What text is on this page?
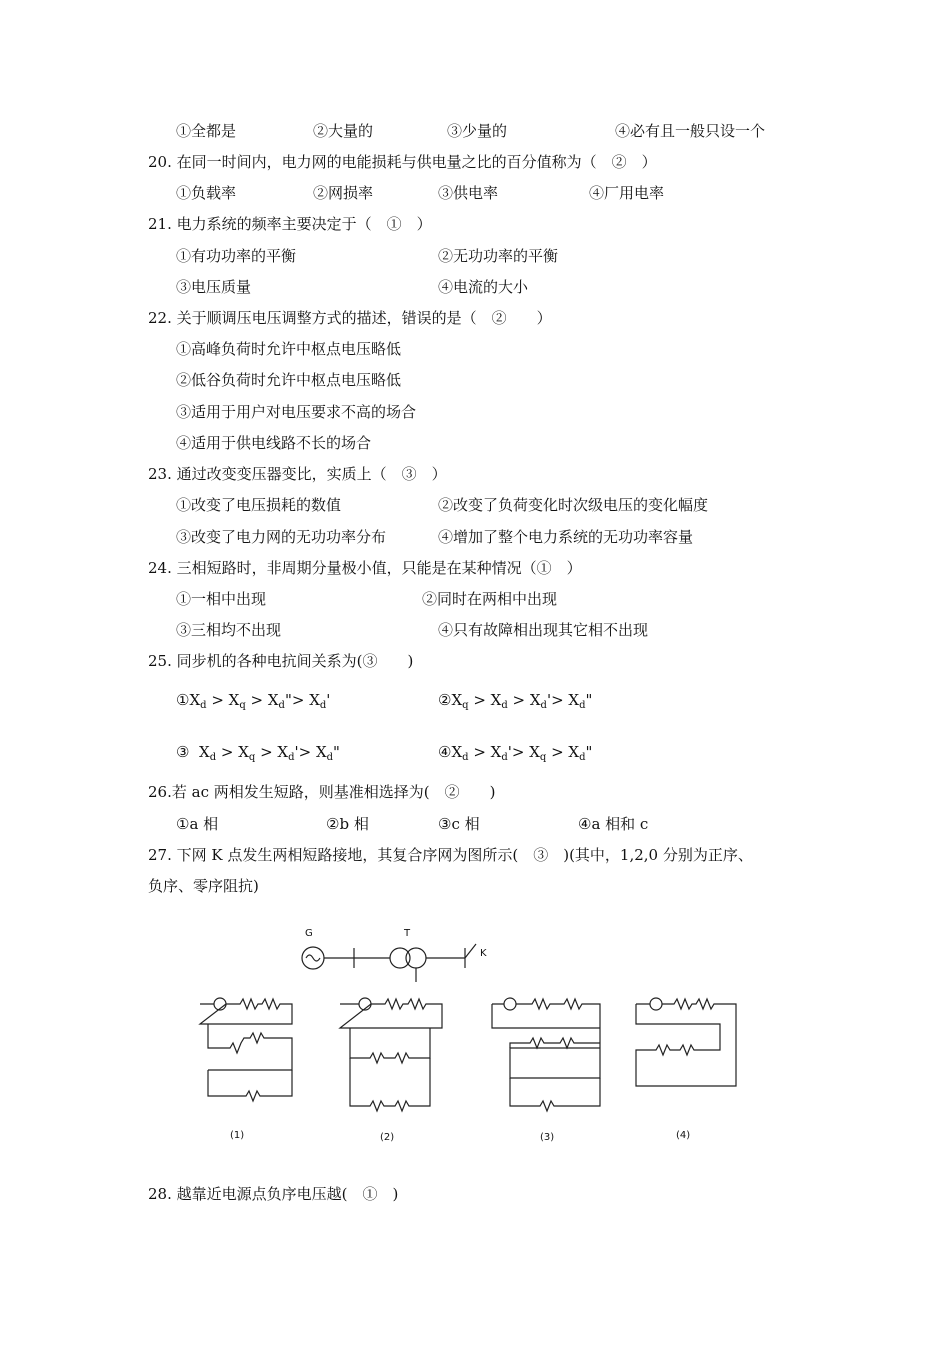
①全都是	②大量的	③少量的	④必有且一般只设一个
20. 在同一时间内，电力网的电能损耗与供电量之比的百分值称为（　②　）
①负载率	②网损率	③供电率	④厂用电率
21. 电力系统的频率主要决定于（　①　）
①有功功率的平衡	②无功功率的平衡
③电压质量	④电流的大小
22. 关于顺调压电压调整方式的描述，错误的是（　②　　）
①高峰负荷时允许中枢点电压略低
②低谷负荷时允许中枢点电压略低
③适用于用户对电压要求不高的场合
④适用于供电线路不长的场合
23. 通过改变变压器变比，实质上（　③　）
①改变了电压损耗的数值	②改变了负荷变化时次级电压的变化幅度
③改变了电力网的无功功率分布	④增加了整个电力系统的无功功率容量
24. 三相短路时，非周期分量极小值，只能是在某种情况（①　）
①一相中出现	②同时在两相中出现
③三相均不出现	④只有故障相出现其它相不出现
25. 同步机的各种电抗间关系为(③　　)
$①X_d > X_q$ > $X_d"> X_d'$	$②X_q > X_d > X_d'> X_d$"
③ $X_d > X_q > X_d'> X_d$"	$④X_d > X_d'> X_q > X_d$"
26.若 ac 两相发生短路，则基准相选择为(　②　　)
①a 相	②b 相	③c 相	④a 相和 c
27. 下网 K 点发生两相短路接地，其复合序网为图所示(　③　)(其中，1,2,0 分别为正序、
负序、零序阻抗)
G	T
K
(1)	(2)	(3)	(4)
28. 越靠近电源点负序电压越(　①　)
